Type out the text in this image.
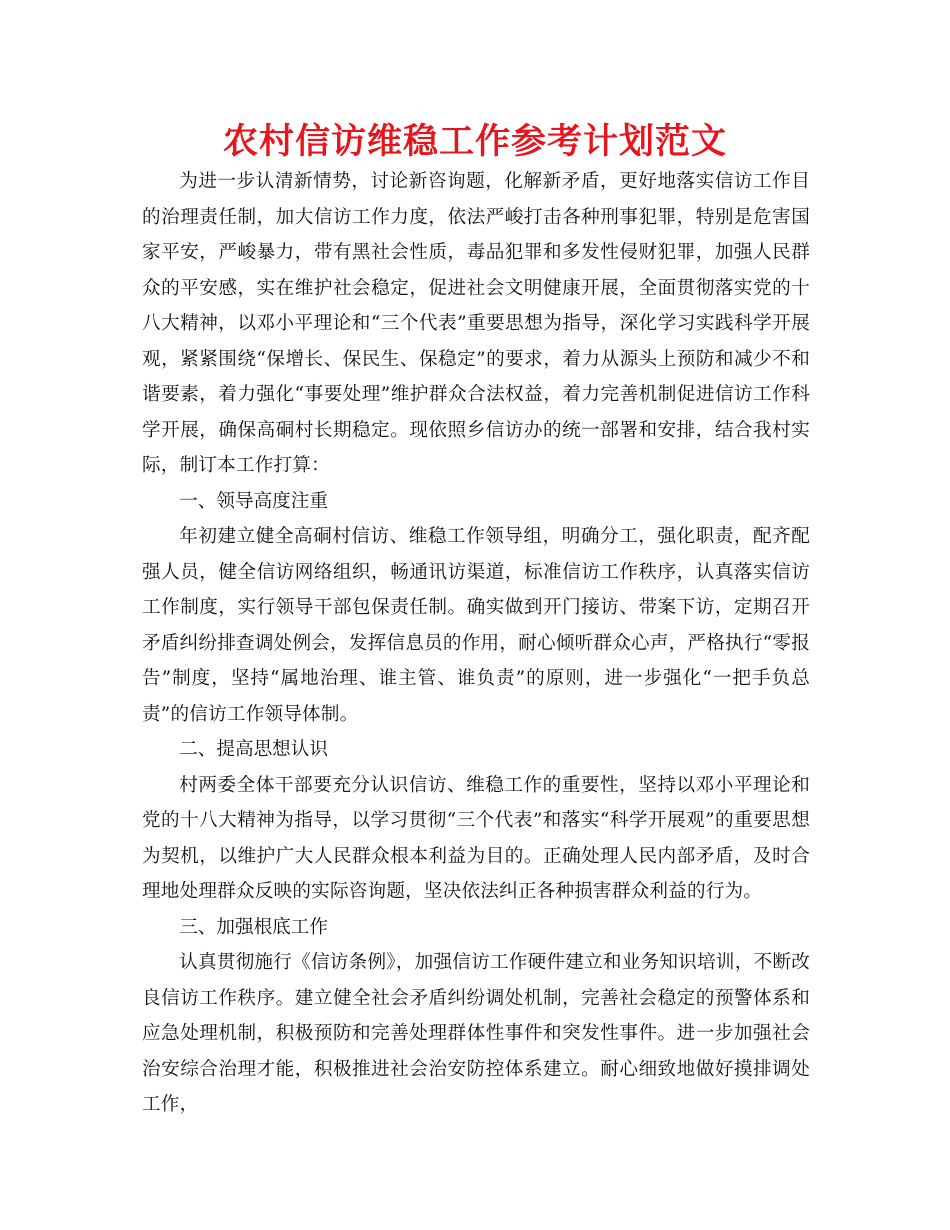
农村信访维稳工作参考计划范文

为进一步认清新情势，讨论新咨询题，化解新矛盾，更好地落实信访工作目的治理责任制，加大信访工作力度，依法严峻打击各种刑事犯罪，特别是危害国家平安，严峻暴力，带有黑社会性质，毒品犯罪和多发性侵财犯罪，加强人民群众的平安感，实在维护社会稳定，促进社会文明健康开展，全面贯彻落实党的十八大精神，以邓小平理论和“三个代表”重要思想为指导，深化学习实践科学开展观，紧紧围绕“保增长、保民生、保稳定”的要求，着力从源头上预防和减少不和谐要素，着力强化“事要处理”维护群众合法权益，着力完善机制促进信访工作科学开展，确保高硐村长期稳定。现依照乡信访办的统一部署和安排，结合我村实际，制订本工作打算：

一、领导高度注重

年初建立健全高硐村信访、维稳工作领导组，明确分工，强化职责，配齐配强人员，健全信访网络组织，畅通讯访渠道，标准信访工作秩序，认真落实信访工作制度，实行领导干部包保责任制。确实做到开门接访、带案下访，定期召开矛盾纠纷排查调处例会，发挥信息员的作用，耐心倾听群众心声，严格执行“零报告”制度，坚持“属地治理、谁主管、谁负责”的原则，进一步强化“一把手负总责”的信访工作领导体制。

二、提高思想认识

村两委全体干部要充分认识信访、维稳工作的重要性，坚持以邓小平理论和党的十八大精神为指导，以学习贯彻“三个代表”和落实“科学开展观”的重要思想为契机，以维护广大人民群众根本利益为目的。正确处理人民内部矛盾，及时合理地处理群众反映的实际咨询题，坚决依法纠正各种损害群众利益的行为。

三、加强根底工作

认真贯彻施行《信访条例》，加强信访工作硬件建立和业务知识培训，不断改良信访工作秩序。建立健全社会矛盾纠纷调处机制，完善社会稳定的预警体系和应急处理机制，积极预防和完善处理群体性事件和突发性事件。进一步加强社会治安综合治理才能，积极推进社会治安防控体系建立。耐心细致地做好摸排调处工作，
